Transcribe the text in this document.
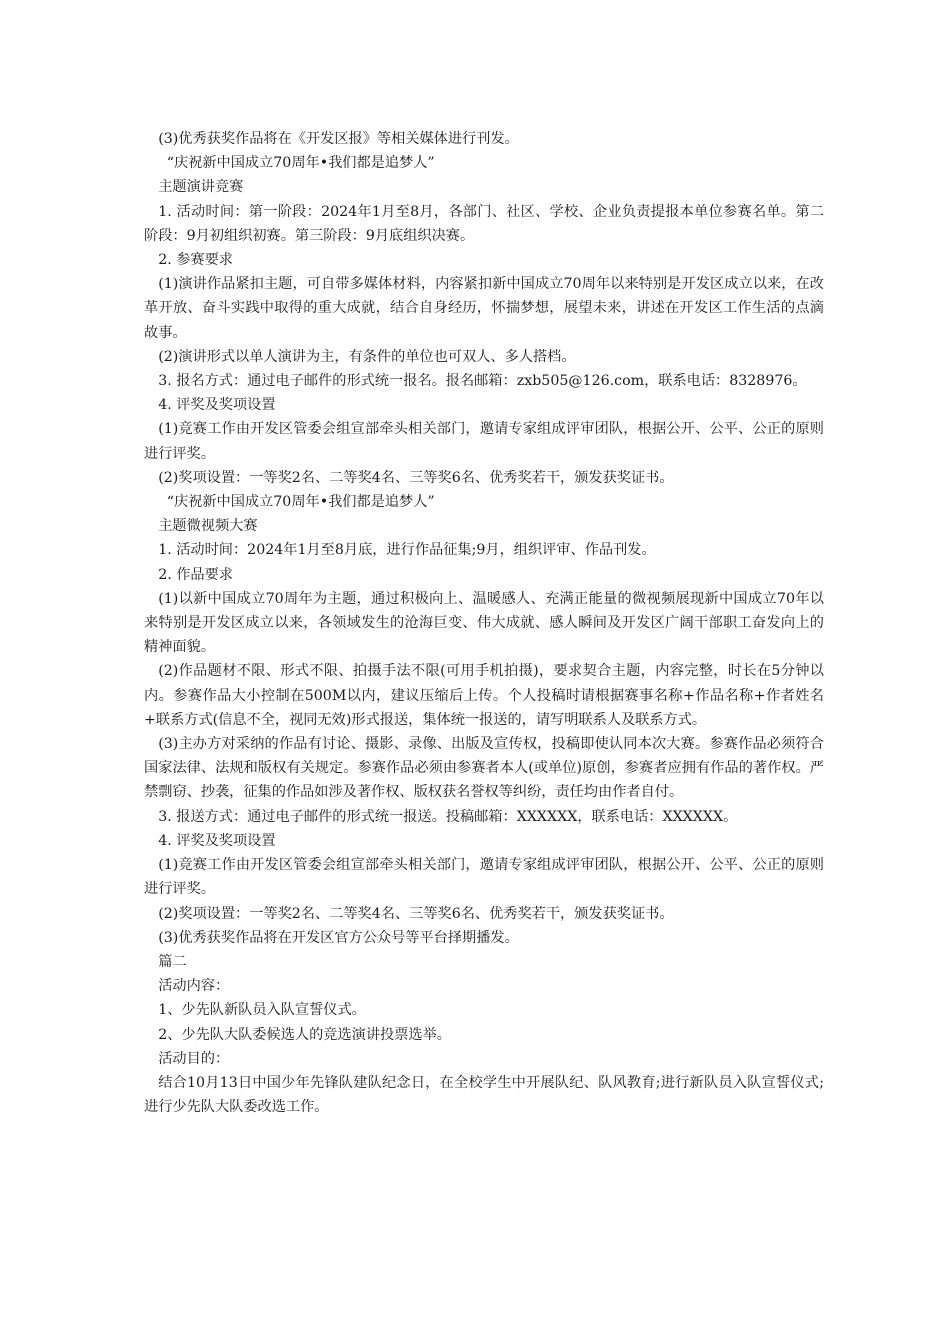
(3)优秀获奖作品将在《开发区报》等相关媒体进行刊发。

“庆祝新中国成立70周年•我们都是追梦人”

主题演讲竞赛

1. 活动时间：第一阶段：2024年1月至8月，各部门、社区、学校、企业负责提报本单位参赛名单。第二阶段：9月初组织初赛。第三阶段：9月底组织决赛。

2. 参赛要求

(1)演讲作品紧扣主题，可自带多媒体材料，内容紧扣新中国成立70周年以来特别是开发区成立以来，在改革开放、奋斗实践中取得的重大成就，结合自身经历，怀揣梦想，展望未来，讲述在开发区工作生活的点滴故事。

(2)演讲形式以单人演讲为主，有条件的单位也可双人、多人搭档。

3. 报名方式：通过电子邮件的形式统一报名。报名邮箱：zxb505@126.com，联系电话：8328976。

4. 评奖及奖项设置

(1)竞赛工作由开发区管委会组宣部牵头相关部门，邀请专家组成评审团队，根据公开、公平、公正的原则进行评奖。

(2)奖项设置：一等奖2名、二等奖4名、三等奖6名、优秀奖若干，颁发获奖证书。

“庆祝新中国成立70周年•我们都是追梦人”

主题微视频大赛

1. 活动时间：2024年1月至8月底，进行作品征集;9月，组织评审、作品刊发。

2. 作品要求

(1)以新中国成立70周年为主题，通过积极向上、温暖感人、充满正能量的微视频展现新中国成立70年以来特别是开发区成立以来，各领域发生的沧海巨变、伟大成就、感人瞬间及开发区广阔干部职工奋发向上的精神面貌。

(2)作品题材不限、形式不限、拍摄手法不限(可用手机拍摄)，要求契合主题，内容完整，时长在5分钟以内。参赛作品大小控制在500M以内，建议压缩后上传。个人投稿时请根据赛事名称+作品名称+作者姓名+联系方式(信息不全，视同无效)形式报送，集体统一报送的，请写明联系人及联系方式。

(3)主办方对采纳的作品有讨论、摄影、录像、出版及宣传权，投稿即使认同本次大赛。参赛作品必须符合国家法律、法规和版权有关规定。参赛作品必须由参赛者本人(或单位)原创，参赛者应拥有作品的著作权。严禁剽窃、抄袭，征集的作品如涉及著作权、版权获名誉权等纠纷，责任均由作者自付。

3. 报送方式：通过电子邮件的形式统一报送。投稿邮箱：XXXXXX，联系电话：XXXXXX。

4. 评奖及奖项设置

(1)竞赛工作由开发区管委会组宣部牵头相关部门，邀请专家组成评审团队，根据公开、公平、公正的原则进行评奖。

(2)奖项设置：一等奖2名、二等奖4名、三等奖6名、优秀奖若干，颁发获奖证书。

(3)优秀获奖作品将在开发区官方公众号等平台择期播发。

篇二

活动内容：

1、少先队新队员入队宣誓仪式。

2、少先队大队委候选人的竞选演讲投票选举。

活动目的：

结合10月13日中国少年先锋队建队纪念日，在全校学生中开展队纪、队风教育;进行新队员入队宣誓仪式;进行少先队大队委改选工作。
